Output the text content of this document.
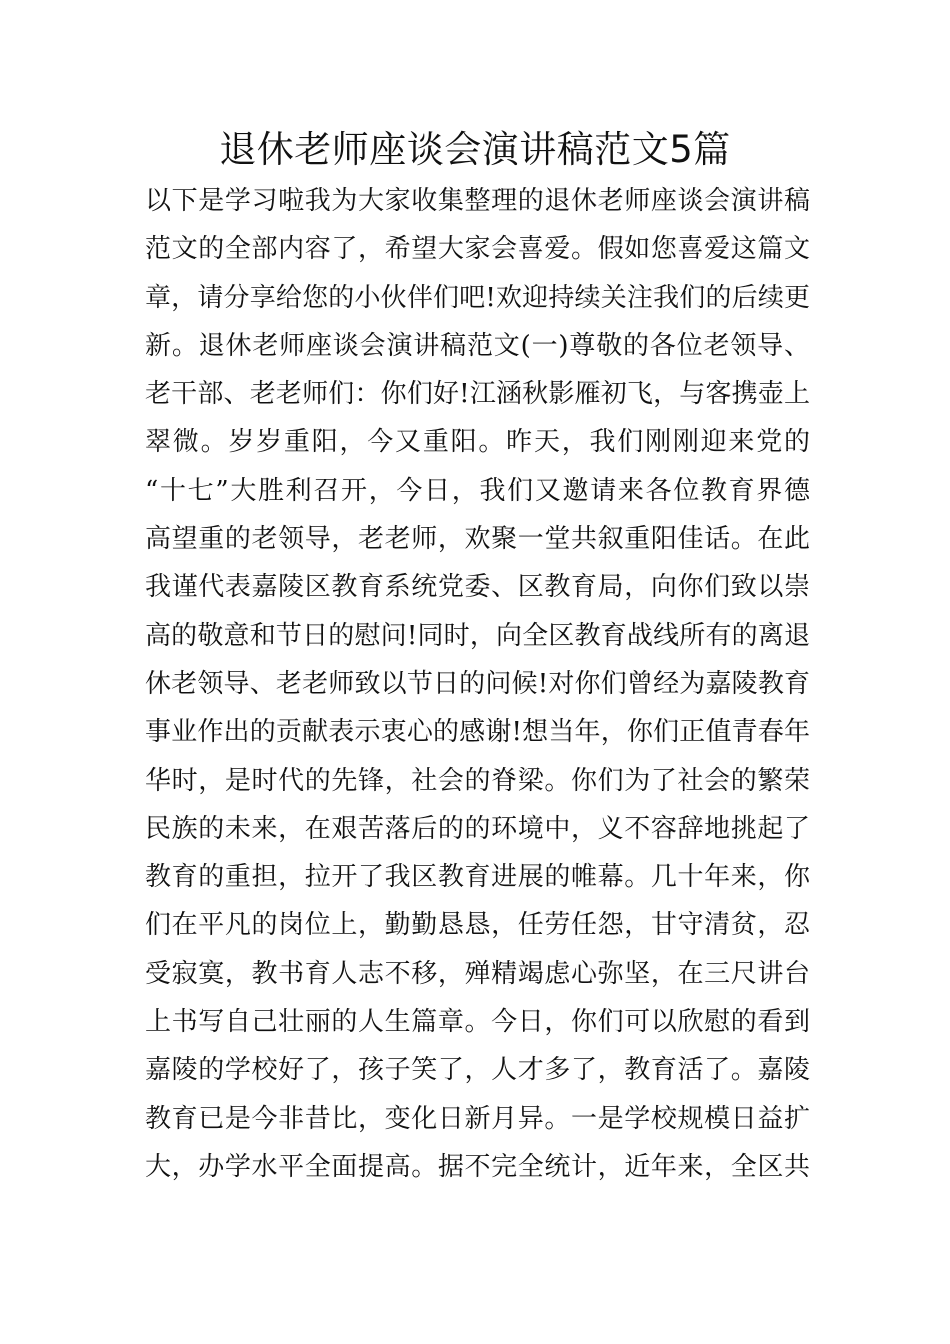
退休老师座谈会演讲稿范文5篇
以下是学习啦我为大家收集整理的退休老师座谈会演讲稿
范文的全部内容了，希望大家会喜爱。假如您喜爱这篇文
章，请分享给您的小伙伴们吧!欢迎持续关注我们的后续更
新。退休老师座谈会演讲稿范文(一)尊敬的各位老领导、
老干部、老老师们：你们好!江涵秋影雁初飞，与客携壶上
翠微。岁岁重阳，今又重阳。昨天，我们刚刚迎来党的
“十七”大胜利召开，今日，我们又邀请来各位教育界德
高望重的老领导，老老师，欢聚一堂共叙重阳佳话。在此
我谨代表嘉陵区教育系统党委、区教育局，向你们致以崇
高的敬意和节日的慰问!同时，向全区教育战线所有的离退
休老领导、老老师致以节日的问候!对你们曾经为嘉陵教育
事业作出的贡献表示衷心的感谢!想当年，你们正值青春年
华时，是时代的先锋，社会的脊梁。你们为了社会的繁荣
民族的未来，在艰苦落后的的环境中，义不容辞地挑起了
教育的重担，拉开了我区教育进展的帷幕。几十年来，你
们在平凡的岗位上，勤勤恳恳，任劳任怨，甘守清贫，忍
受寂寞，教书育人志不移，殚精竭虑心弥坚，在三尺讲台
上书写自己壮丽的人生篇章。今日，你们可以欣慰的看到
嘉陵的学校好了，孩子笑了，人才多了，教育活了。嘉陵
教育已是今非昔比，变化日新月异。一是学校规模日益扩
大，办学水平全面提高。据不完全统计，近年来，全区共
